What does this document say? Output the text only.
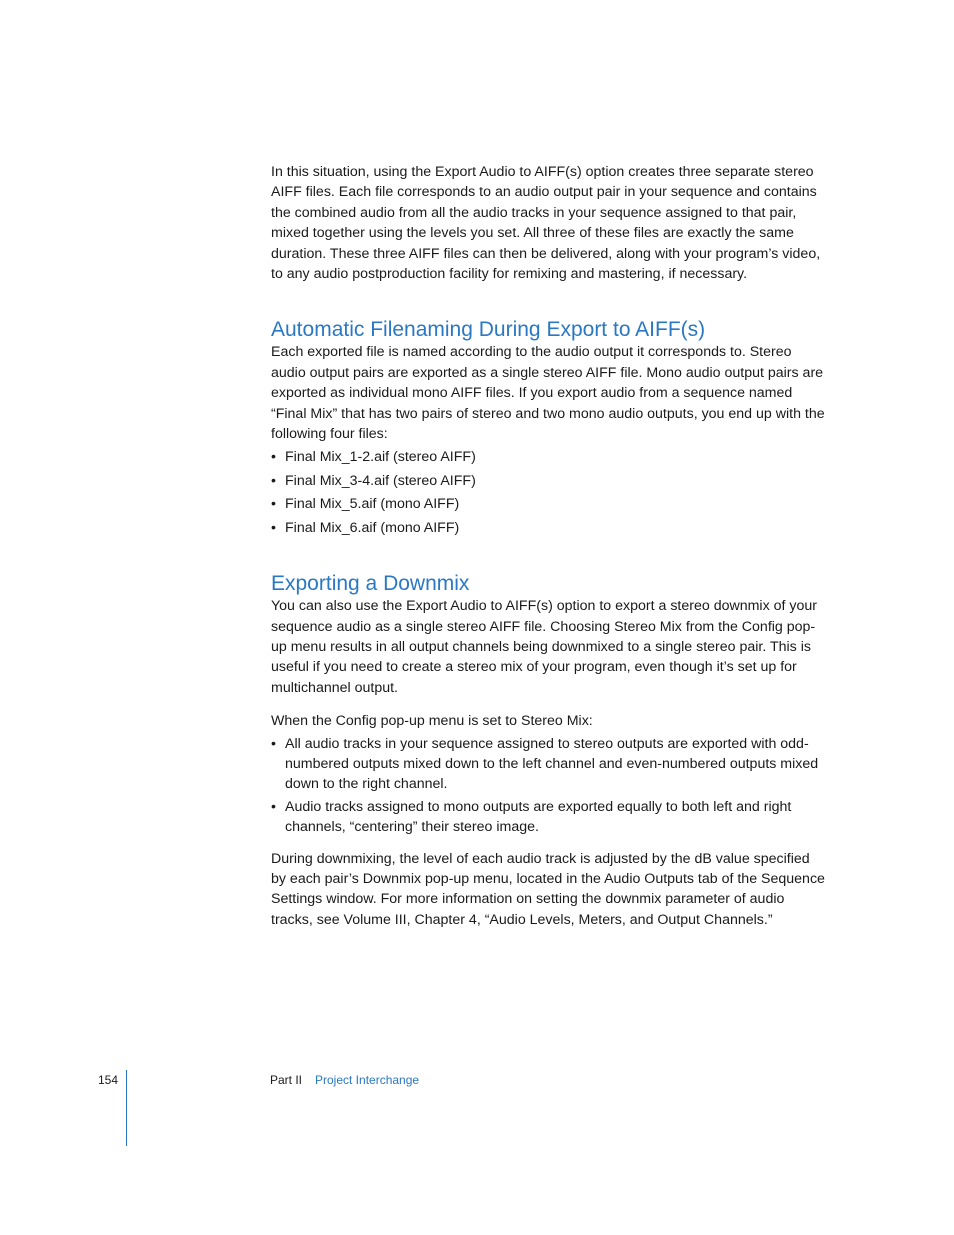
In this situation, using the Export Audio to AIFF(s) option creates three separate stereo AIFF files. Each file corresponds to an audio output pair in your sequence and contains the combined audio from all the audio tracks in your sequence assigned to that pair, mixed together using the levels you set. All three of these files are exactly the same duration. These three AIFF files can then be delivered, along with your program’s video, to any audio postproduction facility for remixing and mastering, if necessary.

Automatic Filenaming During Export to AIFF(s)

Each exported file is named according to the audio output it corresponds to. Stereo audio output pairs are exported as a single stereo AIFF file. Mono audio output pairs are exported as individual mono AIFF files. If you export audio from a sequence named “Final Mix” that has two pairs of stereo and two mono audio outputs, you end up with the following four files:

• Final Mix_1-2.aif (stereo AIFF)
• Final Mix_3-4.aif (stereo AIFF)
• Final Mix_5.aif (mono AIFF)
• Final Mix_6.aif (mono AIFF)
Exporting a Downmix

You can also use the Export Audio to AIFF(s) option to export a stereo downmix of your sequence audio as a single stereo AIFF file. Choosing Stereo Mix from the Config pop-up menu results in all output channels being downmixed to a single stereo pair. This is useful if you need to create a stereo mix of your program, even though it’s set up for multichannel output.

When the Config pop-up menu is set to Stereo Mix:

• All audio tracks in your sequence assigned to stereo outputs are exported with odd-numbered outputs mixed down to the left channel and even-numbered outputs mixed down to the right channel.
• Audio tracks assigned to mono outputs are exported equally to both left and right channels, “centering” their stereo image.

During downmixing, the level of each audio track is adjusted by the dB value specified by each pair’s Downmix pop-up menu, located in the Audio Outputs tab of the Sequence Settings window. For more information on setting the downmix parameter of audio tracks, see Volume III, Chapter 4, “Audio Levels, Meters, and Output Channels.”

154	Part II Project Interchange
